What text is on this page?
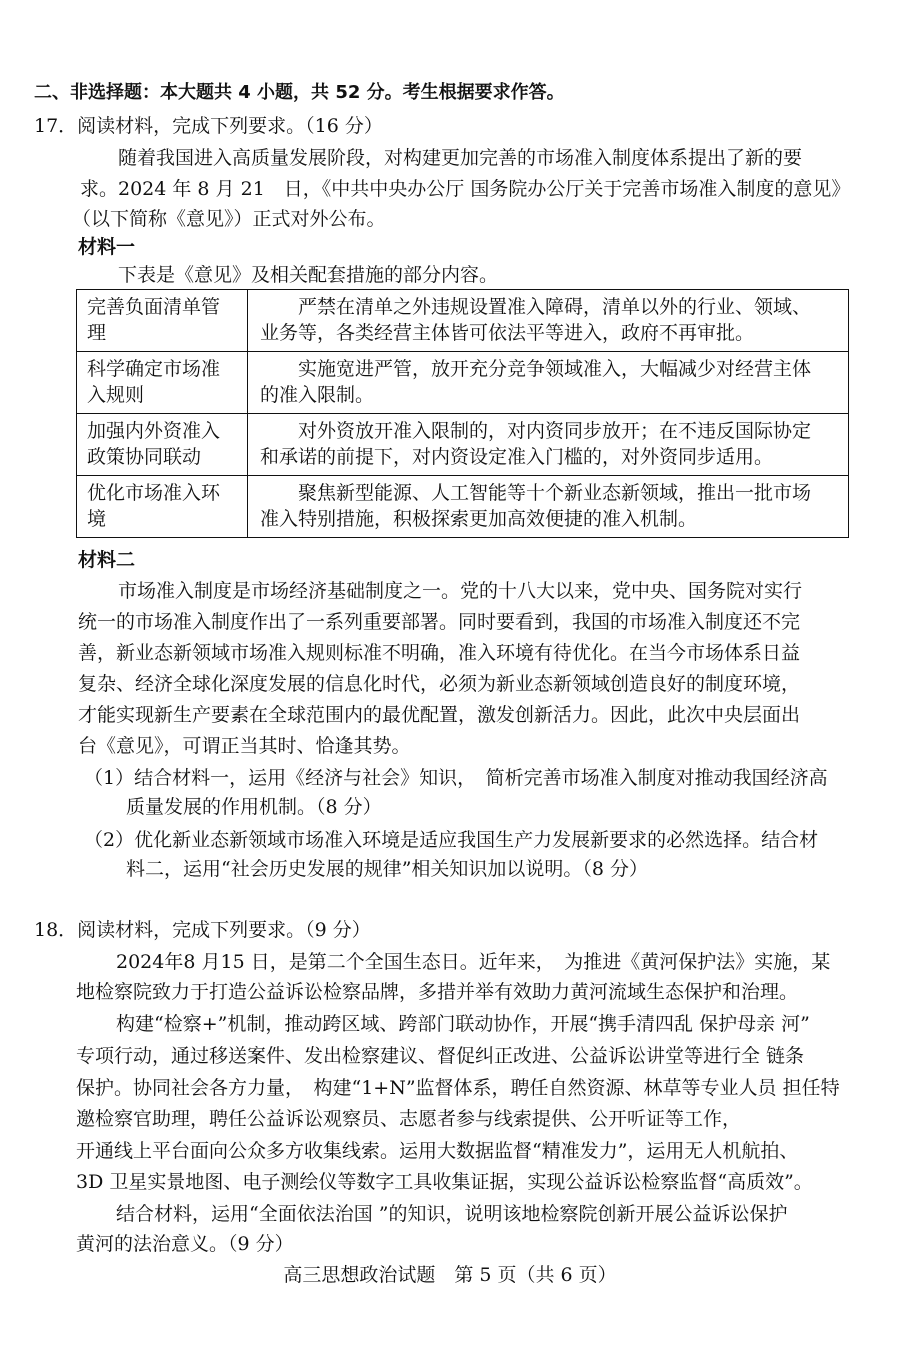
二、非选择题：本大题共 4 小题，共 52 分。考生根据要求作答。
17．阅读材料，完成下列要求。（16 分）
随着我国进入高质量发展阶段，对构建更加完善的市场准入制度体系提出了新的要
求。2024 年 8 月 21　日，《中共中央办公厅 国务院办公厅关于完善市场准入制度的意见》
（以下简称《意见》）正式对外公布。
材料一
下表是《意见》及相关配套措施的部分内容。
完善负面清单管
理	严禁在清单之外违规设置准入障碍，清单以外的行业、领域、
业务等，各类经营主体皆可依法平等进入，政府不再审批。
科学确定市场准
入规则	实施宽进严管，放开充分竞争领域准入，大幅减少对经营主体
的准入限制。
加强内外资准入
政策协同联动	对外资放开准入限制的，对内资同步放开；在不违反国际协定
和承诺的前提下，对内资设定准入门槛的，对外资同步适用。
优化市场准入环
境	聚焦新型能源、人工智能等十个新业态新领域，推出一批市场
准入特别措施，积极探索更加高效便捷的准入机制。
材料二
市场准入制度是市场经济基础制度之一。党的十八大以来，党中央、国务院对实行
统一的市场准入制度作出了一系列重要部署。同时要看到，我国的市场准入制度还不完
善，新业态新领域市场准入规则标准不明确，准入环境有待优化。在当今市场体系日益
复杂、经济全球化深度发展的信息化时代，必须为新业态新领域创造良好的制度环境，
才能实现新生产要素在全球范围内的最优配置，激发创新活力。因此，此次中央层面出
台《意见》，可谓正当其时、恰逢其势。
（1）结合材料一，运用《经济与社会》知识，　简析完善市场准入制度对推动我国经济高
质量发展的作用机制。（8 分）
（2）优化新业态新领域市场准入环境是适应我国生产力发展新要求的必然选择。结合材
料二，运用“社会历史发展的规律”相关知识加以说明。（8 分）
18．阅读材料，完成下列要求。（9 分）
2024年8 月15 日，是第二个全国生态日。近年来，　为推进《黄河保护法》实施，某
地检察院致力于打造公益诉讼检察品牌，多措并举有效助力黄河流域生态保护和治理。
构建“检察+”机制，推动跨区域、跨部门联动协作，开展“携手清四乱 保护母亲 河”
专项行动，通过移送案件、发出检察建议、督促纠正改进、公益诉讼讲堂等进行全 链条
保护。协同社会各方力量，　构建“1+N”监督体系，聘任自然资源、林草等专业人员 担任特
邀检察官助理，聘任公益诉讼观察员、志愿者参与线索提供、公开听证等工作，
开通线上平台面向公众多方收集线索。运用大数据监督“精准发力”，运用无人机航拍、
3D 卫星实景地图、电子测绘仪等数字工具收集证据，实现公益诉讼检察监督“高质效”。
结合材料，运用“全面依法治国 ”的知识，说明该地检察院创新开展公益诉讼保护
黄河的法治意义。（9 分）
高三思想政治试题　第 5 页（共 6 页）
